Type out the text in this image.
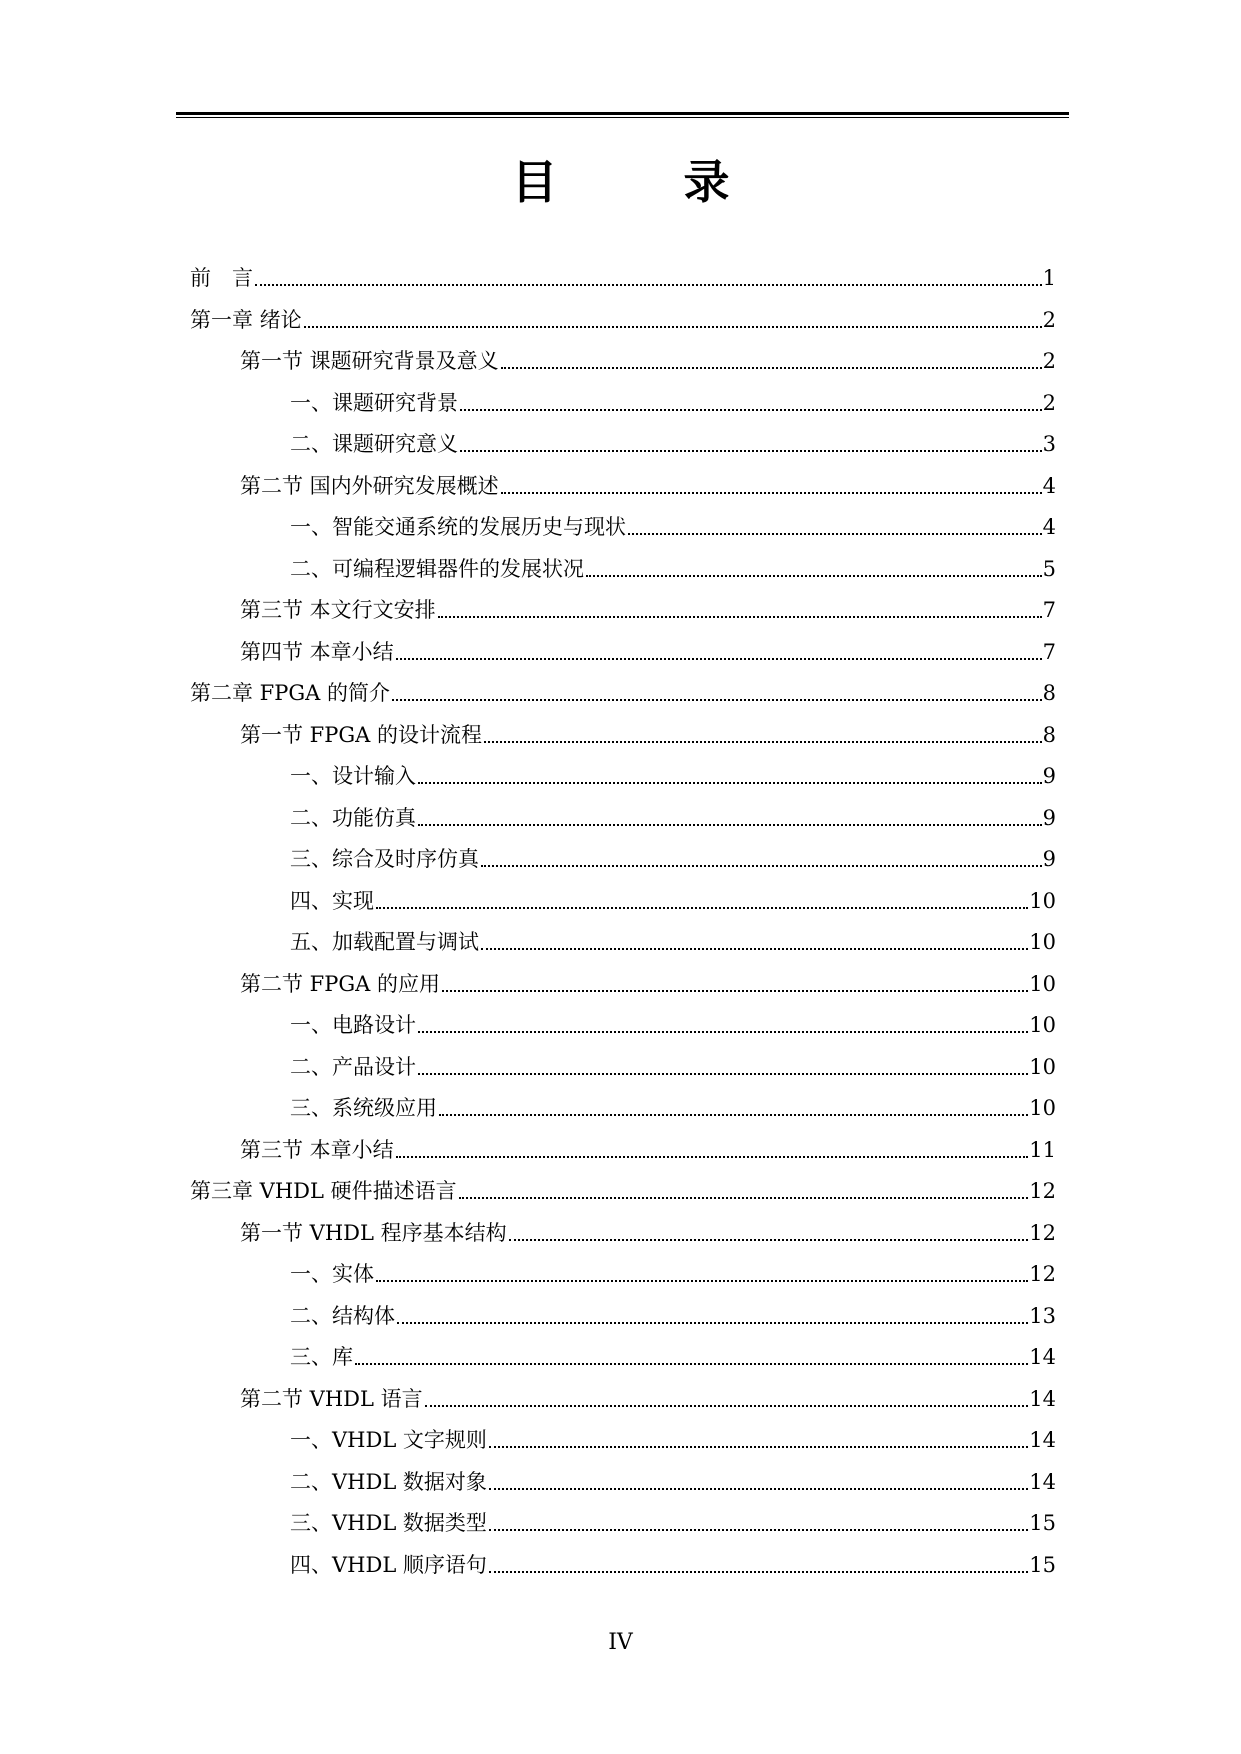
目　录
前　言	1
第一章 绪论	2
第一节 课题研究背景及意义	2
一、课题研究背景	2
二、课题研究意义	3
第二节 国内外研究发展概述	4
一、智能交通系统的发展历史与现状	4
二、可编程逻辑器件的发展状况	5
第三节 本文行文安排	7
第四节 本章小结	7
第二章 FPGA 的简介	8
第一节 FPGA 的设计流程	8
一、设计输入	9
二、功能仿真	9
三、综合及时序仿真	9
四、实现	10
五、加载配置与调试	10
第二节 FPGA 的应用	10
一、电路设计	10
二、产品设计	10
三、系统级应用	10
第三节 本章小结	11
第三章 VHDL 硬件描述语言	12
第一节 VHDL 程序基本结构	12
一、实体	12
二、结构体	13
三、库	14
第二节 VHDL 语言	14
一、VHDL 文字规则	14
二、VHDL 数据对象	14
三、VHDL 数据类型	15
四、VHDL 顺序语句	15
IV
